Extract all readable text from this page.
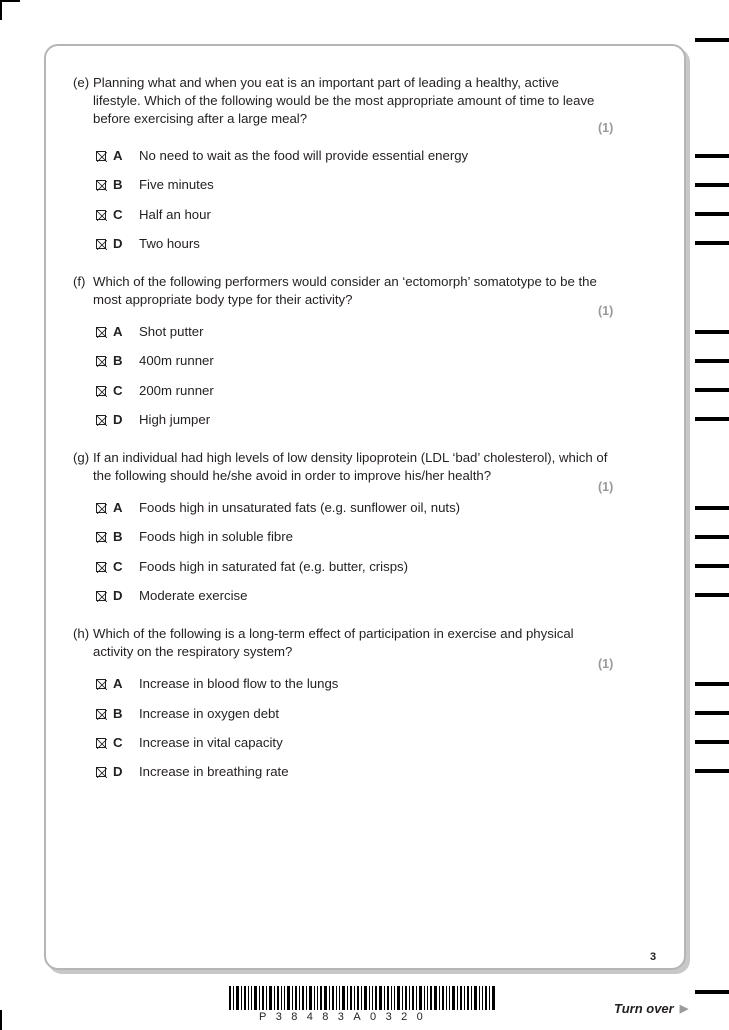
(e) Planning what and when you eat is an important part of leading a healthy, active lifestyle. Which of the following would be the most appropriate amount of time to leave before exercising after a large meal?
(1)
A	No need to wait as the food will provide essential energy
B	Five minutes
C	Half an hour
D	Two hours
(f) Which of the following performers would consider an ‘ectomorph’ somatotype to be the most appropriate body type for their activity?
(1)
A	Shot putter
B	400m runner
C	200m runner
D	High jumper
(g) If an individual had high levels of low density lipoprotein (LDL ‘bad’ cholesterol), which of the following should he/she avoid in order to improve his/her health?
(1)
A	Foods high in unsaturated fats (e.g. sunflower oil, nuts)
B	Foods high in soluble fibre
C	Foods high in saturated fat (e.g. butter, crisps)
D	Moderate exercise
(h) Which of the following is a long-term effect of participation in exercise and physical activity on the respiratory system?
(1)
A	Increase in blood flow to the lungs
B	Increase in oxygen debt
C	Increase in vital capacity
D	Increase in breathing rate
3
P38483A0320
Turn over ▶
